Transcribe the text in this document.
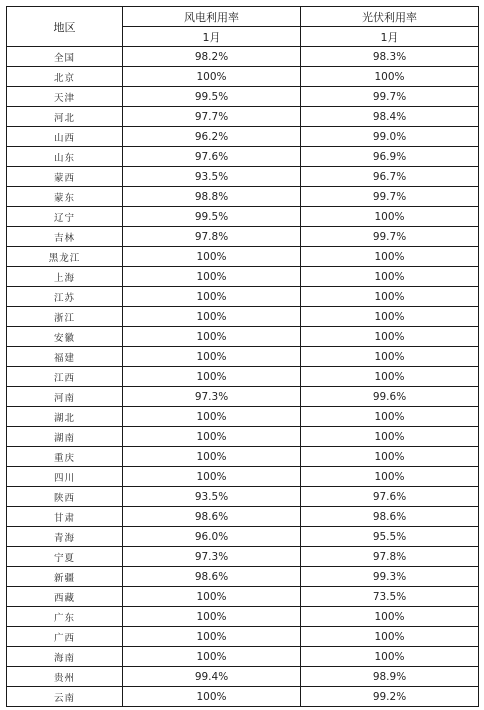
地区	风电利用率	光伏利用率
	1月	1月
全国	98.2%	98.3%
北京	100%	100%
天津	99.5%	99.7%
河北	97.7%	98.4%
山西	96.2%	99.0%
山东	97.6%	96.9%
蒙西	93.5%	96.7%
蒙东	98.8%	99.7%
辽宁	99.5%	100%
吉林	97.8%	99.7%
黑龙江	100%	100%
上海	100%	100%
江苏	100%	100%
浙江	100%	100%
安徽	100%	100%
福建	100%	100%
江西	100%	100%
河南	97.3%	99.6%
湖北	100%	100%
湖南	100%	100%
重庆	100%	100%
四川	100%	100%
陕西	93.5%	97.6%
甘肃	98.6%	98.6%
青海	96.0%	95.5%
宁夏	97.3%	97.8%
新疆	98.6%	99.3%
西藏	100%	73.5%
广东	100%	100%
广西	100%	100%
海南	100%	100%
贵州	99.4%	98.9%
云南	100%	99.2%
